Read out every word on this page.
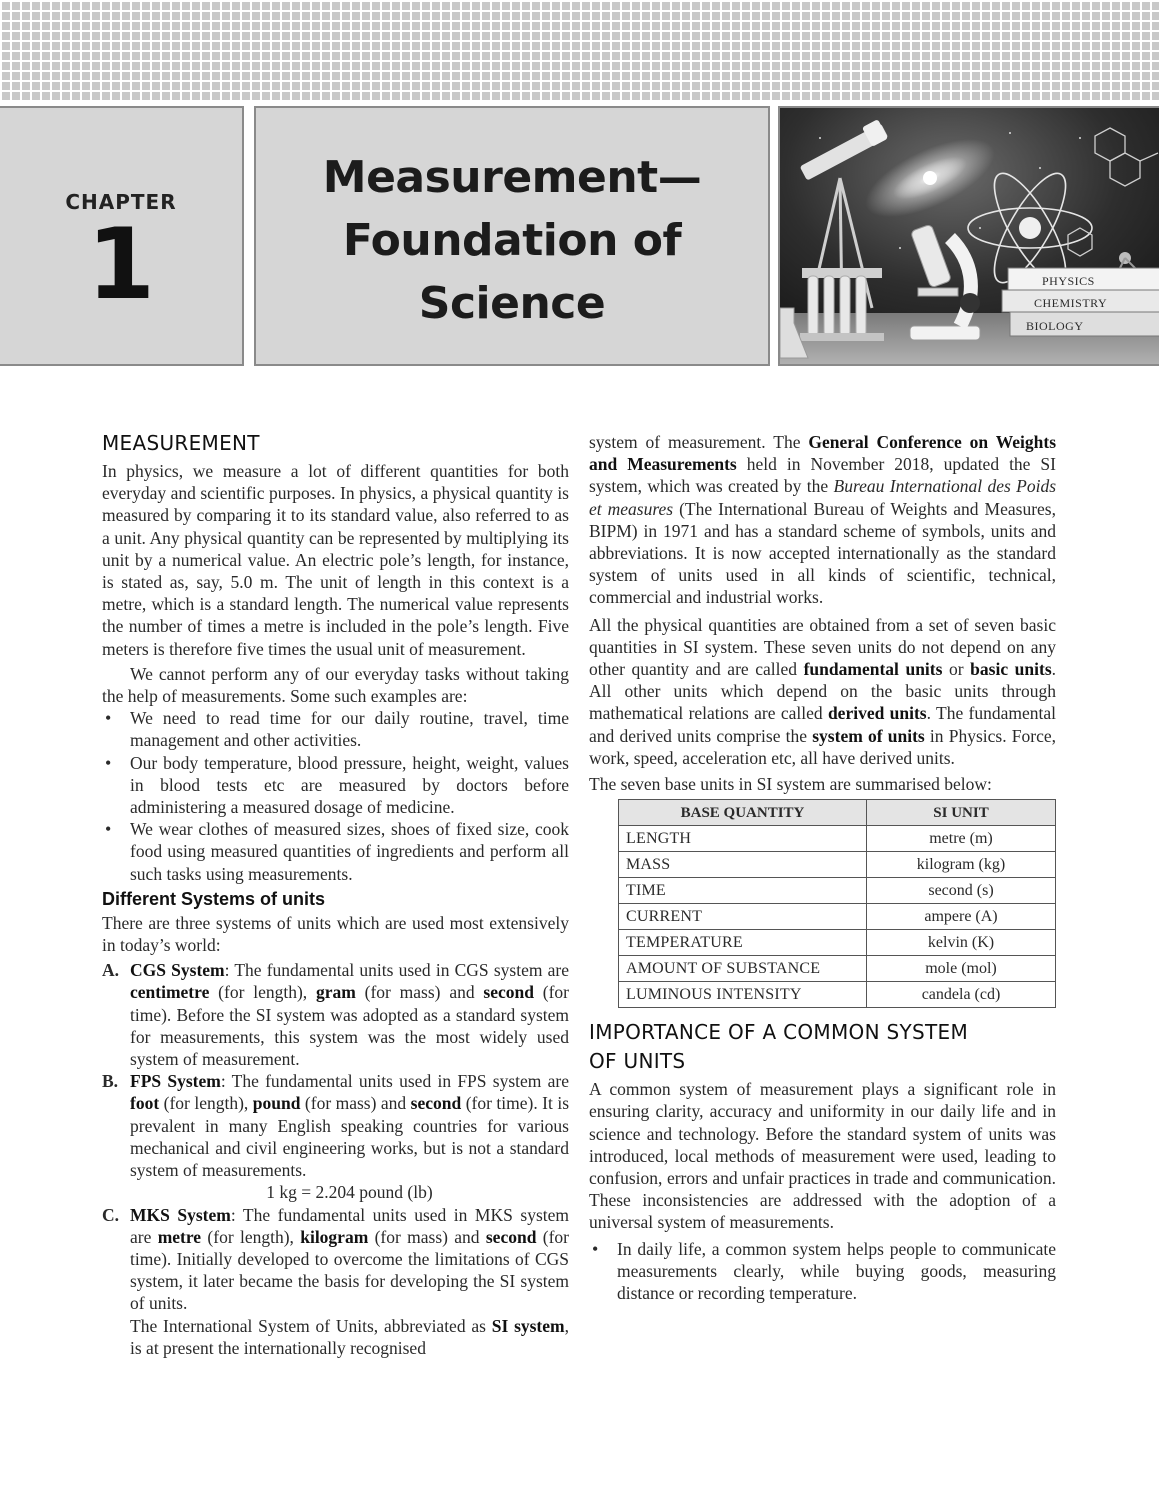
CHAPTER
1
Measurement—
Foundation of
Science	PHYSICS
CHEMISTRY
BIOLOGY
MEASUREMENT

In physics, we measure a lot of different quantities for both everyday and scientific purposes. In physics, a physical quantity is measured by comparing it to its standard value, also referred to as a unit. Any physical quantity can be represented by multiplying its unit by a numerical value. An electric pole’s length, for instance, is stated as, say, 5.0 m. The unit of length in this context is a metre, which is a standard length. The numerical value represents the number of times a metre is included in the pole’s length. Five meters is therefore five times the usual unit of measurement.

We cannot perform any of our everyday tasks without taking the help of measurements. Some such examples are:

• We need to read time for our daily routine, travel, time management and other activities.
• Our body temperature, blood pressure, height, weight, values in blood tests etc are measured by doctors before administering a measured dosage of medicine.
• We wear clothes of measured sizes, shoes of fixed size, cook food using measured quantities of ingredients and perform all such tasks using measurements.
Different Systems of units

There are three systems of units which are used most extensively in today’s world:

A. CGS System: The fundamental units used in CGS system are centimetre (for length), gram (for mass) and second (for time). Before the SI system was adopted as a standard system for measurements, this system was the most widely used system of measurement.
B. FPS System: The fundamental units used in FPS system are foot (for length), pound (for mass) and second (for time). It is prevalent in many English speaking countries for various mechanical and civil engineering works, but is not a standard system of measurements.
1 kg = 2.204 pound (lb)
C. MKS System: The fundamental units used in MKS system are metre (for length), kilogram (for mass) and second (for time). Initially developed to overcome the limitations of CGS system, it later became the basis for developing the SI system of units.

The International System of Units, abbreviated as SI system, is at present the internationally recognised

system of measurement. The General Conference on Weights and Measurements held in November 2018, updated the SI system, which was created by the Bureau International des Poids et measures (The International Bureau of Weights and Measures, BIPM) in 1971 and has a standard scheme of symbols, units and abbreviations. It is now accepted internationally as the standard system of units used in all kinds of scientific, technical, commercial and industrial works.

All the physical quantities are obtained from a set of seven basic quantities in SI system. These seven units do not depend on any other quantity and are called fundamental units or basic units. All other units which depend on the basic units through mathematical relations are called derived units. The fundamental and derived units comprise the system of units in Physics. Force, work, speed, acceleration etc, all have derived units.

The seven base units in SI system are summarised below:

BASE QUANTITY	SI UNIT
LENGTH	metre (m)
MASS	kilogram (kg)
TIME	second (s)
CURRENT	ampere (A)
TEMPERATURE	kelvin (K)
AMOUNT OF SUBSTANCE	mole (mol)
LUMINOUS INTENSITY	candela (cd)
IMPORTANCE OF A COMMON SYSTEM
OF UNITS

A common system of measurement plays a significant role in ensuring clarity, accuracy and uniformity in our daily life and in science and technology. Before the standard system of units was introduced, local methods of measurement were used, leading to confusion, errors and unfair practices in trade and communication. These inconsistencies are addressed with the adoption of a universal system of measurements.

• In daily life, a common system helps people to communicate measurements clearly, while buying goods, measuring distance or recording temperature.
